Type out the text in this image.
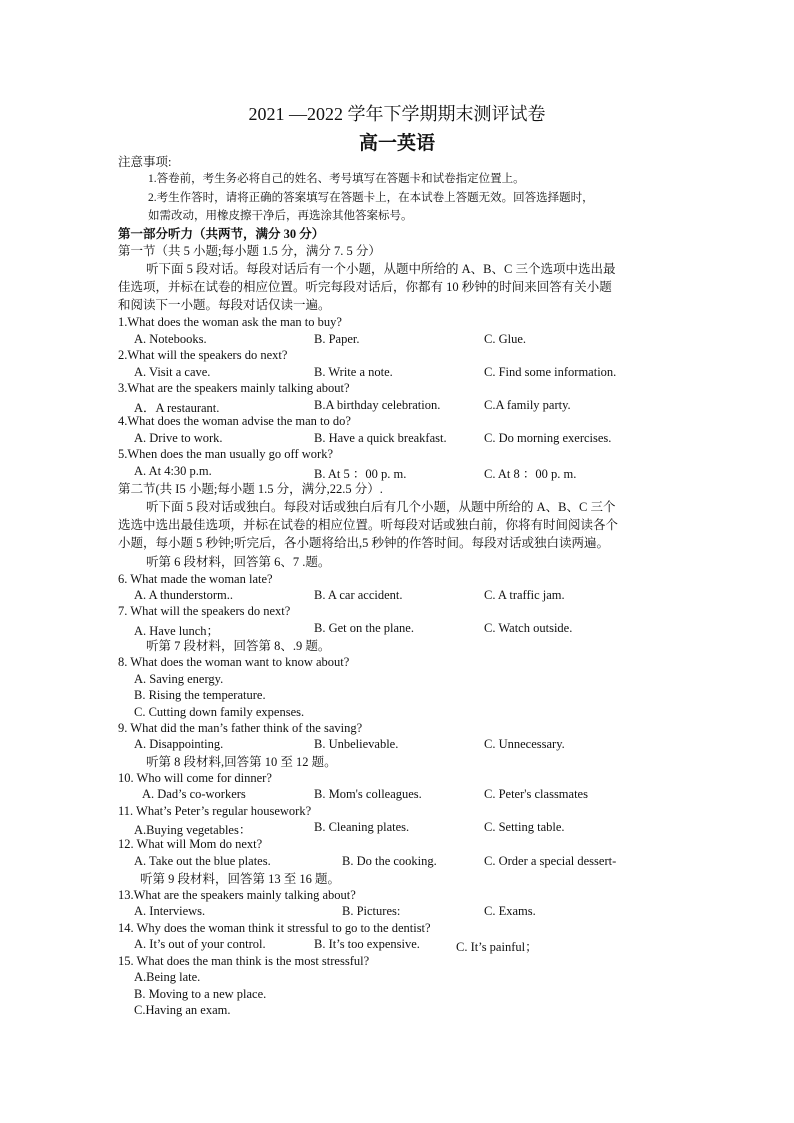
2021 —2022 学年下学期期末测评试卷
高一英语
注意事项:
1.答卷前，考生务必将自己的姓名、考号填写在答题卡和试卷指定位置上。
2.考生作答时，请将正确的答案填写在答题卡上，在本试卷上答题无效。回答选择题时，
如需改动，用橡皮擦干净后，再选涂其他答案标号。
第一部分听力（共两节，满分 30 分）
第一节（共 5 小题;每小题 1.5 分，满分 7. 5 分）
听下面 5 段对话。每段对话后有一个小题，从题中所给的 A、B、C 三个选项中选出最
佳选项，并标在试卷的相应位置。听完每段对话后，你都有 10 秒钟的时间来回答有关小题
和阅读下一小题。每段对话仅读一遍。
1.What does the woman ask the man to buy?
A. Notebooks.	B. Paper.	C. Glue.
2.What will the speakers do next?
A. Visit a cave.	B. Write a note.	C. Find some information.
3.What are the speakers mainly talking about?
A．A restaurant.	B.A birthday celebration.	C.A family party.
4.What does the woman advise the man to do?
A. Drive to work.	B. Have a quick breakfast.	C. Do morning exercises.
5.When does the man usually go off work?
A. At 4:30 p.m.	B. At 5 ：00 p. m.	C. At 8 ：00 p. m.
第二节(共 I5 小题;每小题 1.5 分，满分,22.5 分）.
听下面 5 段对话或独白。每段对话或独白后有几个小题，从题中所给的 A、B、C 三个
选选中选出最佳选项，并标在试卷的相应位置。听每段对话或独白前，你将有时间阅读各个
小题，每小题 5 秒钟;听完后，各小题将给出,5 秒钟的作答时间。每段对话或独白读两遍。
听第 6 段材料，回答第 6、7 .题。
6. What made the woman late?
A. A thunderstorm..	B. A car accident.	C. A traffic jam.
7. What will the speakers do next?
A. Have lunch；	B. Get on the plane.	C. Watch outside.
听第 7 段材料，回答第 8、.9 题。
8. What does the woman want to know about?
A. Saving energy.
B. Rising the temperature.
C. Cutting down family expenses.
9. What did the man’s father think of the saving?
A. Disappointing.	B. Unbelievable.	C. Unnecessary.
听第 8 段材料,回答第 10 至 12 题。
10. Who will come for dinner?
A. Dad’s co-workers	B. Mom's colleagues.	C. Peter's classmates
11. What’s Peter’s regular housework?
A.Buying vegetables：	B. Cleaning plates.	C. Setting table.
12. What will Mom do next?
A. Take out the blue plates.	B. Do the cooking.	C. Order a special dessert-
听第 9 段材料，回答第 13 至 16 题。
13.What are the speakers mainly talking about?
A. Interviews.	B. Pictures:	C. Exams.
14. Why does the woman think it stressful to go to the dentist?
A. It’s out of your control.	B. It’s too expensive.	C. It’s painful；
15. What does the man think is the most stressful?
A.Being late.
B. Moving to a new place.
C.Having an exam.
